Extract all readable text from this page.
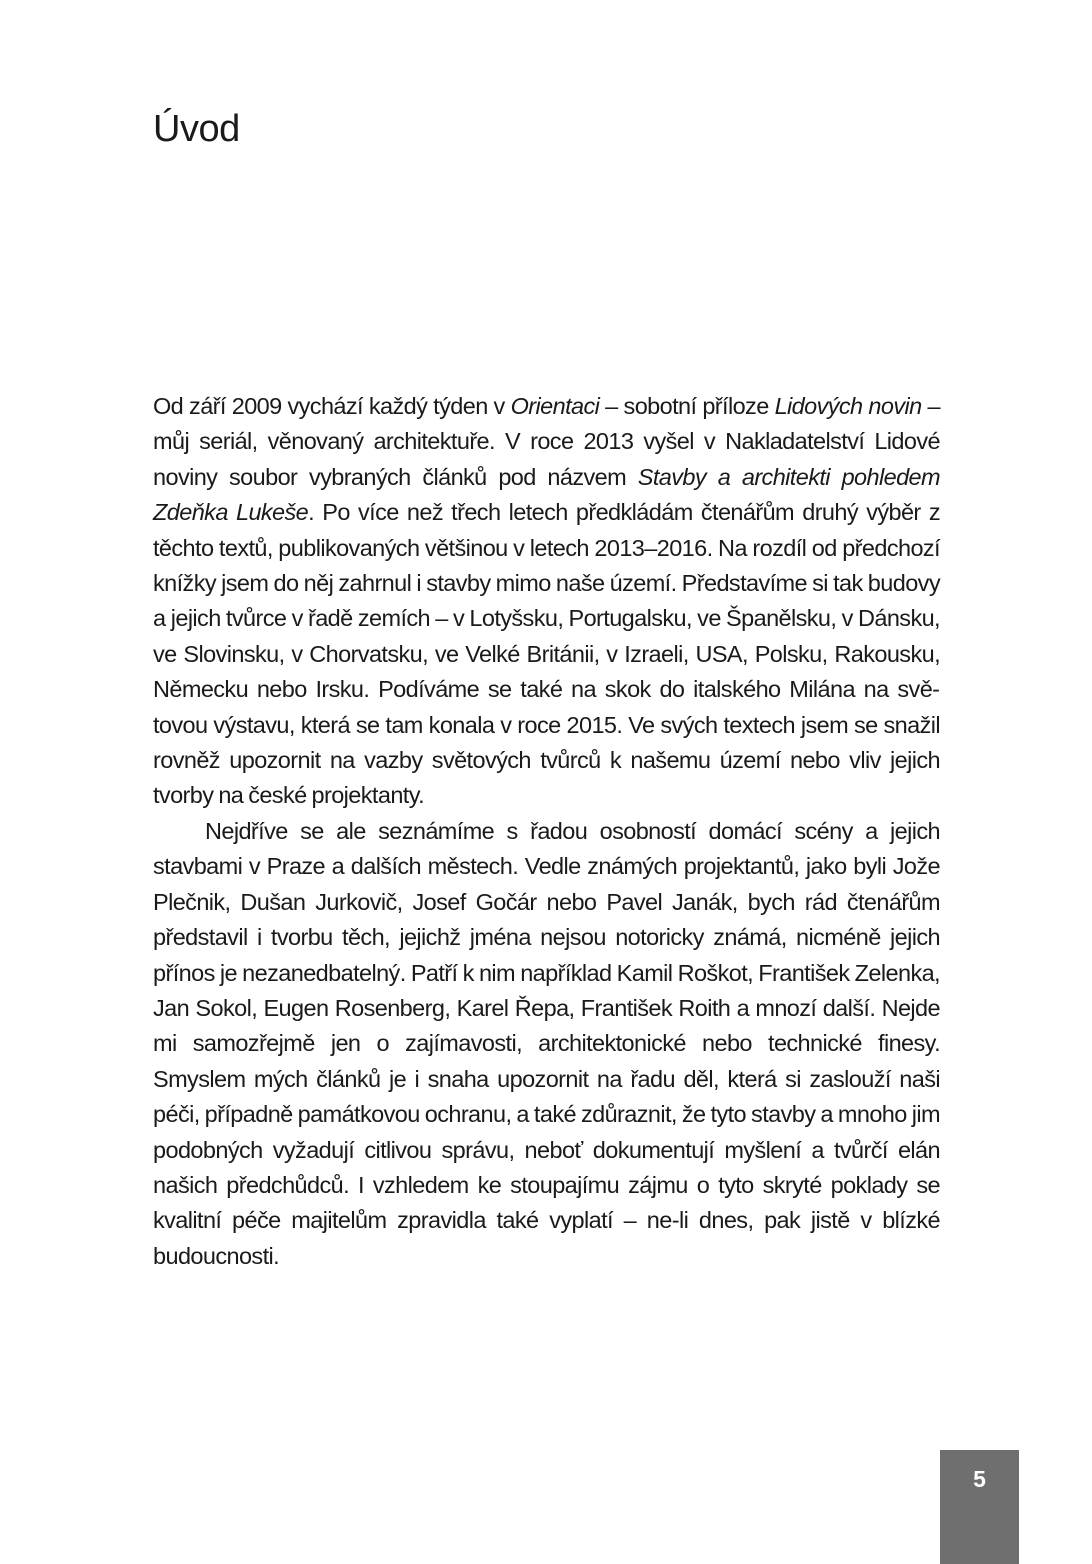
Úvod

Od září 2009 vychází každý týden v Orientaci – sobotní příloze Lidových novin – můj seriál, věnovaný architektuře. V roce 2013 vyšel v Nakladatelství Lidové noviny soubor vybraných článků pod názvem Stavby a architekti pohledem Zdeňka Lukeše. Po více než třech letech předkládám čtenářům druhý výběr z těchto textů, publikovaných většinou v letech 2013–2016. Na rozdíl od předchozí knížky jsem do něj zahrnul i stavby mimo naše území. Představíme si tak budovy a jejich tvůrce v řadě zemích – v Lotyšsku, Portugalsku, ve Španělsku, v Dánsku, ve Slovinsku, v Chorvatsku, ve Velké Británii, v Izraeli, USA, Polsku, Rakousku, Německu nebo Irsku. Podíváme se také na skok do italského Milána na světovou výstavu, která se tam konala v roce 2015. Ve svých textech jsem se snažil rovněž upozornit na vazby světových tvůrců k našemu území nebo vliv jejich tvorby na české projektanty.

Nejdříve se ale seznámíme s řadou osobností domácí scény a jejich stavbami v Praze a dalších městech. Vedle známých projektantů, jako byli Jože Plečnik, Dušan Jurkovič, Josef Gočár nebo Pavel Janák, bych rád čtenářům představil i tvorbu těch, jejichž jména nejsou notoricky známá, nicméně jejich přínos je nezanedbatelný. Patří k nim například Kamil Roškot, František Zelenka, Jan Sokol, Eugen Rosenberg, Karel Řepa, František Roith a mnozí další. Nejde mi samozřejmě jen o zajímavosti, architektonické nebo technické finesy. Smyslem mých článků je i snaha upozornit na řadu děl, která si zaslouží naši péči, případně památkovou ochranu, a také zdůraznit, že tyto stavby a mnoho jim podobných vyžadují citlivou správu, neboť dokumentují myšlení a tvůrčí elán našich předchůdců. I vzhledem ke stoupajímu zájmu o tyto skryté poklady se kvalitní péče majitelům zpravidla také vyplatí – ne-li dnes, pak jistě v blízké budoucnosti.

5
